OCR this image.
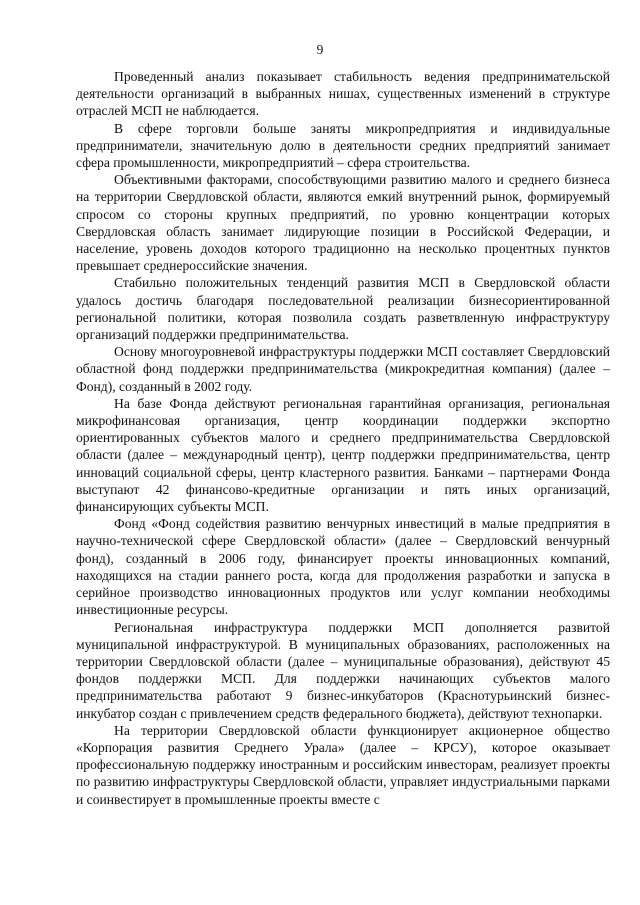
9

Проведенный анализ показывает стабильность ведения предпринимательской деятельности организаций в выбранных нишах, существенных изменений в структуре отраслей МСП не наблюдается.

В сфере торговли больше заняты микропредприятия и индивидуальные предприниматели, значительную долю в деятельности средних предприятий занимает сфера промышленности, микропредприятий – сфера строительства.

Объективными факторами, способствующими развитию малого и среднего бизнеса на территории Свердловской области, являются емкий внутренний рынок, формируемый спросом со стороны крупных предприятий, по уровню концентрации которых Свердловская область занимает лидирующие позиции в Российской Федерации, и население, уровень доходов которого традиционно на несколько процентных пунктов превышает среднероссийские значения.

Стабильно положительных тенденций развития МСП в Свердловской области удалось достичь благодаря последовательной реализации бизнесориентированной региональной политики, которая позволила создать разветвленную инфраструктуру организаций поддержки предпринимательства.

Основу многоуровневой инфраструктуры поддержки МСП составляет Свердловский областной фонд поддержки предпринимательства (микрокредитная компания) (далее – Фонд), созданный в 2002 году.

На базе Фонда действуют региональная гарантийная организация, региональная микрофинансовая организация, центр координации поддержки экспортно ориентированных субъектов малого и среднего предпринимательства Свердловской области (далее – международный центр), центр поддержки предпринимательства, центр инноваций социальной сферы, центр кластерного развития. Банками – партнерами Фонда выступают 42 финансово-кредитные организации и пять иных организаций, финансирующих субъекты МСП.

Фонд «Фонд содействия развитию венчурных инвестиций в малые предприятия в научно-технической сфере Свердловской области» (далее – Свердловский венчурный фонд), созданный в 2006 году, финансирует проекты инновационных компаний, находящихся на стадии раннего роста, когда для продолжения разработки и запуска в серийное производство инновационных продуктов или услуг компании необходимы инвестиционные ресурсы.

Региональная инфраструктура поддержки МСП дополняется развитой муниципальной инфраструктурой. В муниципальных образованиях, расположенных на территории Свердловской области (далее – муниципальные образования), действуют 45 фондов поддержки МСП. Для поддержки начинающих субъектов малого предпринимательства работают 9 бизнес-инкубаторов (Краснотурьинский бизнес-инкубатор создан с привлечением средств федерального бюджета), действуют технопарки.

На территории Свердловской области функционирует акционерное общество «Корпорация развития Среднего Урала» (далее – КРСУ), которое оказывает профессиональную поддержку иностранным и российским инвесторам, реализует проекты по развитию инфраструктуры Свердловской области, управляет индустриальными парками и соинвестирует в промышленные проекты вместе с
